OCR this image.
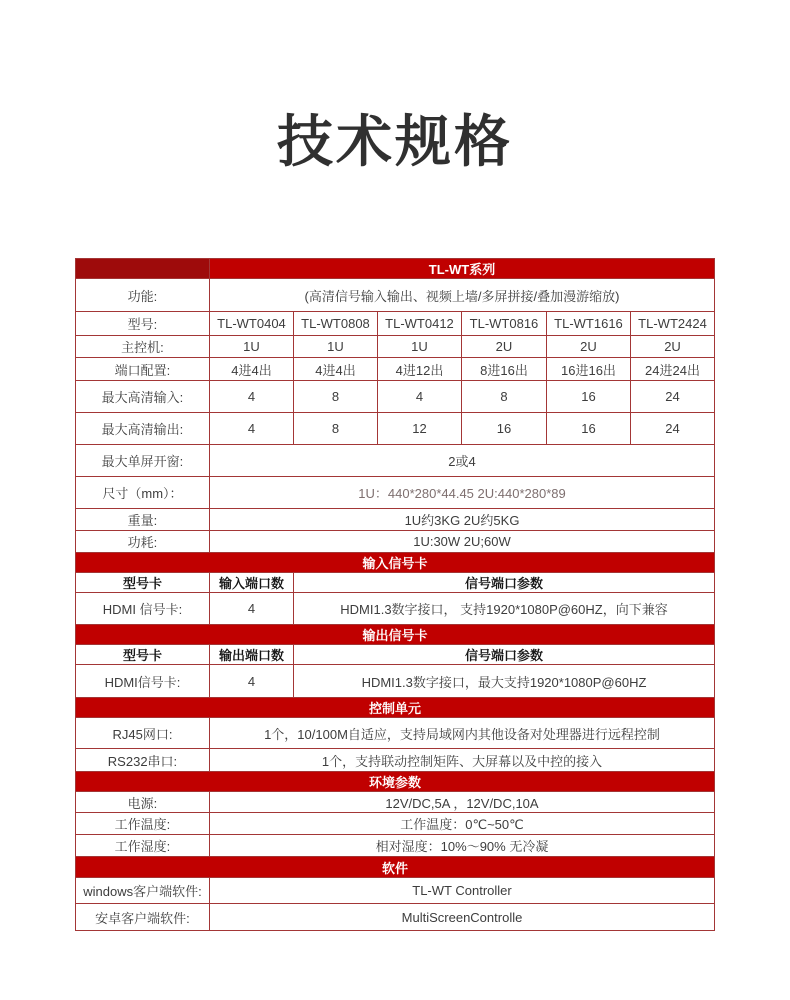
技术规格
	TL-WT系列					
功能:	(高清信号输入输出、视频上墙/多屏拼接/叠加漫游缩放)					
型号:	TL-WT0404	TL-WT0808	TL-WT0412	TL-WT0816	TL-WT1616	TL-WT2424
主控机:	1U	1U	1U	2U	2U	2U
端口配置:	4进4出	4进4出	4进12出	8进16出	16进16出	24进24出
最大高清输入:	4	8	4	8	16	24
最大高清输出:	4	8	12	16	16	24
最大单屏开窗:	2或4					
尺寸（mm）：	1U：440*280*44.45 2U:440*280*89					
重量:	1U约3KG 2U约5KG					
功耗:	1U:30W 2U;60W					
输入信号卡						
型号卡	输入端口数	信号端口参数				
HDMI 信号卡:	4	HDMI1.3数字接口， 支持1920*1080P@60HZ，向下兼容				
输出信号卡						
型号卡	输出端口数	信号端口参数				
HDMI信号卡:	4	HDMI1.3数字接口，最大支持1920*1080P@60HZ				
控制单元						
RJ45网口:	1个，10/100M自适应，支持局域网内其他设备对处理器进行远程控制					
RS232串口:	1个，支持联动控制矩阵、大屏幕以及中控的接入					
环境参数						
电源:	12V/DC,5A ，12V/DC,10A					
工作温度:	工作温度：0℃~50℃					
工作湿度:	相对湿度：10%～90% 无冷凝					
软件						
windows客户端软件:	TL-WT Controller					
安卓客户端软件:	MultiScreenControlle					
